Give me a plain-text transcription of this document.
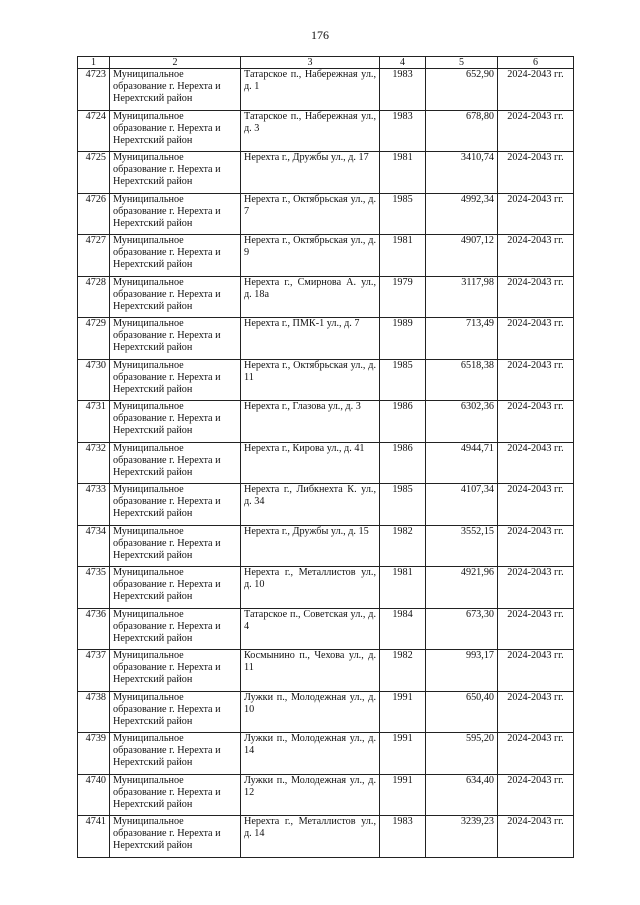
176
1	2	3	4	5	6
4723	Муниципальное образование г. Нерехта и Нерехтский район	Татарское п., Набережная ул., д. 1	1983	652,90	2024-2043 гг.
4724	Муниципальное образование г. Нерехта и Нерехтский район	Татарское п., Набережная ул., д. 3	1983	678,80	2024-2043 гг.
4725	Муниципальное образование г. Нерехта и Нерехтский район	Нерехта г., Дружбы ул., д. 17	1981	3410,74	2024-2043 гг.
4726	Муниципальное образование г. Нерехта и Нерехтский район	Нерехта г., Октябрьская ул., д. 7	1985	4992,34	2024-2043 гг.
4727	Муниципальное образование г. Нерехта и Нерехтский район	Нерехта г., Октябрьская ул., д. 9	1981	4907,12	2024-2043 гг.
4728	Муниципальное образование г. Нерехта и Нерехтский район	Нерехта г., Смирнова А. ул., д. 18а	1979	3117,98	2024-2043 гг.
4729	Муниципальное образование г. Нерехта и Нерехтский район	Нерехта г., ПМК-1 ул., д. 7	1989	713,49	2024-2043 гг.
4730	Муниципальное образование г. Нерехта и Нерехтский район	Нерехта г., Октябрьская ул., д. 11	1985	6518,38	2024-2043 гг.
4731	Муниципальное образование г. Нерехта и Нерехтский район	Нерехта г., Глазова ул., д. 3	1986	6302,36	2024-2043 гг.
4732	Муниципальное образование г. Нерехта и Нерехтский район	Нерехта г., Кирова ул., д. 41	1986	4944,71	2024-2043 гг.
4733	Муниципальное образование г. Нерехта и Нерехтский район	Нерехта г., Либкнехта К. ул., д. 34	1985	4107,34	2024-2043 гг.
4734	Муниципальное образование г. Нерехта и Нерехтский район	Нерехта г., Дружбы ул., д. 15	1982	3552,15	2024-2043 гг.
4735	Муниципальное образование г. Нерехта и Нерехтский район	Нерехта г., Металлистов ул., д. 10	1981	4921,96	2024-2043 гг.
4736	Муниципальное образование г. Нерехта и Нерехтский район	Татарское п., Советская ул., д. 4	1984	673,30	2024-2043 гг.
4737	Муниципальное образование г. Нерехта и Нерехтский район	Космынино п., Чехова ул., д. 11	1982	993,17	2024-2043 гг.
4738	Муниципальное образование г. Нерехта и Нерехтский район	Лужки п., Молодежная ул., д. 10	1991	650,40	2024-2043 гг.
4739	Муниципальное образование г. Нерехта и Нерехтский район	Лужки п., Молодежная ул., д. 14	1991	595,20	2024-2043 гг.
4740	Муниципальное образование г. Нерехта и Нерехтский район	Лужки п., Молодежная ул., д. 12	1991	634,40	2024-2043 гг.
4741	Муниципальное образование г. Нерехта и Нерехтский район	Нерехта г., Металлистов ул., д. 14	1983	3239,23	2024-2043 гг.
